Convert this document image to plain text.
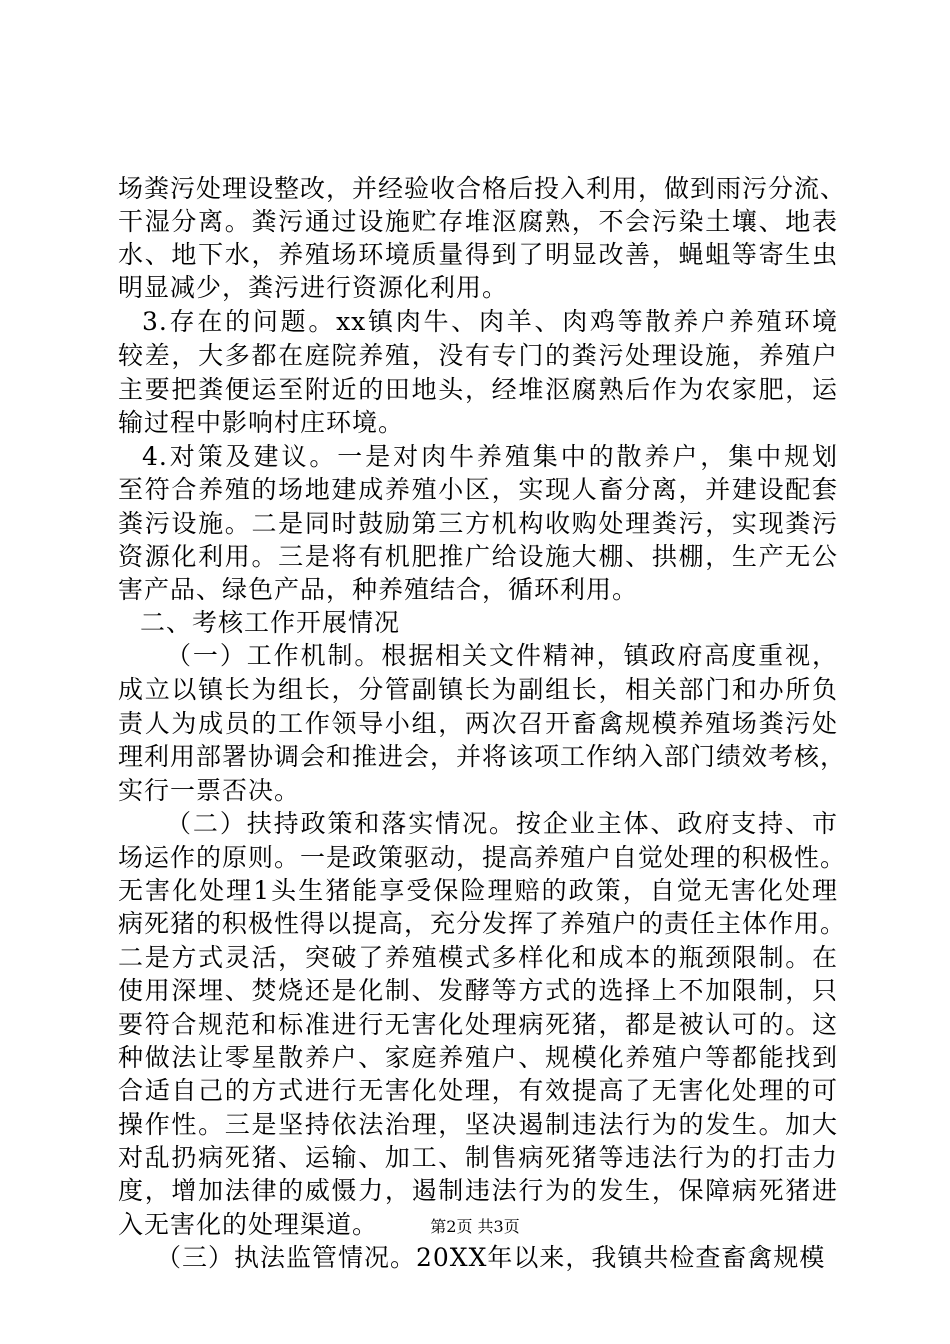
场粪污处理设整改，并经验收合格后投入利用，做到雨污分流、
干湿分离。粪污通过设施贮存堆沤腐熟，不会污染土壤、地表
水、地下水，养殖场环境质量得到了明显改善，蝇蛆等寄生虫
明显减少，粪污进行资源化利用。
3.存在的问题。xx镇肉牛、肉羊、肉鸡等散养户养殖环境
较差，大多都在庭院养殖，没有专门的粪污处理设施，养殖户
主要把粪便运至附近的田地头，经堆沤腐熟后作为农家肥，运
输过程中影响村庄环境。
4.对策及建议。一是对肉牛养殖集中的散养户，集中规划
至符合养殖的场地建成养殖小区，实现人畜分离，并建设配套
粪污设施。二是同时鼓励第三方机构收购处理粪污，实现粪污
资源化利用。三是将有机肥推广给设施大棚、拱棚，生产无公
害产品、绿色产品，种养殖结合，循环利用。
二、考核工作开展情况
（一）工作机制。根据相关文件精神，镇政府高度重视，
成立以镇长为组长，分管副镇长为副组长，相关部门和办所负
责人为成员的工作领导小组，两次召开畜禽规模养殖场粪污处
理利用部署协调会和推进会，并将该项工作纳入部门绩效考核，
实行一票否决。
（二）扶持政策和落实情况。按企业主体、政府支持、市
场运作的原则。一是政策驱动，提高养殖户自觉处理的积极性。
无害化处理1头生猪能享受保险理赔的政策，自觉无害化处理
病死猪的积极性得以提高，充分发挥了养殖户的责任主体作用。
二是方式灵活，突破了养殖模式多样化和成本的瓶颈限制。在
使用深埋、焚烧还是化制、发酵等方式的选择上不加限制，只
要符合规范和标准进行无害化处理病死猪，都是被认可的。这
种做法让零星散养户、家庭养殖户、规模化养殖户等都能找到
合适自己的方式进行无害化处理，有效提高了无害化处理的可
操作性。三是坚持依法治理，坚决遏制违法行为的发生。加大
对乱扔病死猪、运输、加工、制售病死猪等违法行为的打击力
度，增加法律的威慑力，遏制违法行为的发生，保障病死猪进
入无害化的处理渠道。
（三）执法监管情况。20XX年以来，我镇共检查畜禽规模
第2页 共3页
